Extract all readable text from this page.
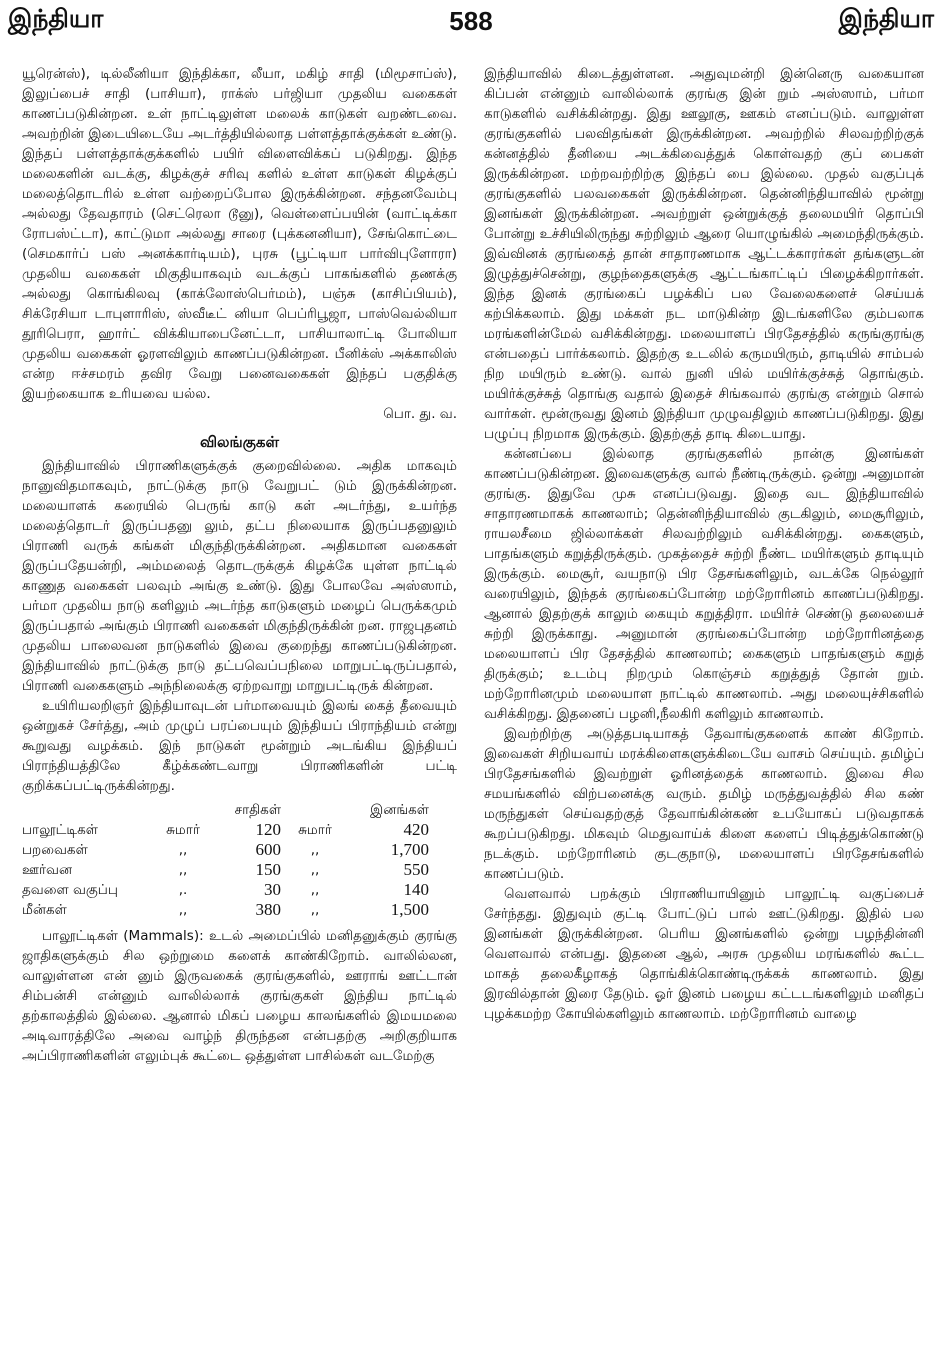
இந்தியா	588	இந்தியா

யூரென்ஸ்), டில்லீனியா இந்திக்கா, லீயா, மகிழ் சாதி (மிமூசாப்ஸ்), இலுப்பைச் சாதி (பாசியா), ராக்ஸ் பர்ஜியா முதலிய வகைகள் காணப்படுகின்றன. உள் நாட்டிலுள்ள மலைக் காடுகள் வறண்டவை. அவற்றின் இடையிடையே அடர்த்தியில்லாத பள்ளத்தாக்குக்கள் உண்டு. இந்தப் பள்ளத்தாக்குக்களில் பயிர் விளைவிக்கப் படுகிறது. இந்த மலைகளின் வடக்கு, கிழக்குச் சரிவு களில் உள்ள காடுகள் கிழக்குப் மலைத்தொடரில் உள்ள வற்றைப்போல இருக்கின்றன. சந்தனவேம்பு அல்லது தேவதாரம் (செட்ரெலா டூனு), வெள்ளைப்பயின் (வாட்டிக்கா ரோபஸ்ட்டா), காட்டுமா அல்லது சாரை (புக்கனனியா), சேங்கொட்டை (செமகார்ப் பஸ் அனக்கார்டியம்), புரசு (பூட்டியா பார்விபுளோரா) முதலிய வகைகள் மிகுதியாகவும் வடக்குப் பாகங்களில் தணக்கு அல்லது கொங்கிலவு (காக்லோஸ்பெர்மம்), பஞ்சு (காசிப்பியம்), சிக்ரேசியா டாபுளாரிஸ், ஸ்வீடீட் னியா பெப்ரிபூஜா, பாஸ்வெல்லியா தூரிபெரா, ஹார்ட் விக்கியாபைனேட்டா, பாசியாலாட்டி போலியா முதலிய வகைகள் ஓரளவிலும் காணப்படுகின்றன. பீனிக்ஸ் அக்காலிஸ் என்ற ஈச்சமரம் தவிர வேறு பனைவகைகள் இந்தப் பகுதிக்கு இயற்கையாக உரியவை யல்ல.

பொ. து. வ.

விலங்குகள்

இந்தியாவில் பிராணிகளுக்குக் குறைவில்லை. அதிக மாகவும் நானுவிதமாகவும், நாட்டுக்கு நாடு வேறுபட் டும் இருக்கின்றன. மலையாளக் கரையில் பெருங் காடு கள் அடர்ந்து, உயர்ந்த மலைத்தொடர் இருப்பதனு லும், தட்ப நிலையாக இருப்பதனுலும் பிராணி வருக் கங்கள் மிகுந்திருக்கின்றன. அதிகமான வகைகள் இருப்பதேயன்றி, அம்மலைத் தொடருக்குக் கிழக்கே யுள்ள நாட்டில் காணுத வகைகள் பலவும் அங்கு உண்டு. இது போலவே அஸ்ஸாம், பர்மா முதலிய நாடு களிலும் அடர்ந்த காடுகளும் மழைப் பெருக்கமும் இருப்பதால் அங்கும் பிராணி வகைகள் மிகுந்திருக்கின் றன. ராஜபுதனம் முதலிய பாலைவன நாடுகளில் இவை குறைந்து காணப்படுகின்றன. இந்தியாவில் நாட்டுக்கு நாடு தட்பவெப்பநிலை மாறுபட்டிருப்பதால், பிராணி வகைகளும் அந்நிலைக்கு ஏற்றவாறு மாறுபட்டிருக் கின்றன.

உயிரியலறிஞர் இந்தியாவுடன் பர்மாவையும் இலங் கைத் தீவையும் ஒன்றுகச் சேர்த்து, அம் முழுப் பரப்பையும் இந்தியப் பிராந்தியம் என்று கூறுவது வழக்கம். இந் நாடுகள் மூன்றும் அடங்கிய இந்தியப் பிராந்தியத்திலே கீழ்க்கண்டவாறு பிராணிகளின் பட்டி குறிக்கப்பட்டிருக்கின்றது.

சாதிகள்	இனங்கள்
பாலூட்டிகள்	சுமார்	120	சுமார்	420
பறவைகள்	,,	600	,,	1,700
ஊர்வன	,,	150	,,	550
தவளை வகுப்பு	,.	30	,,	140
மீன்கள்	,,	380	,,	1,500

பாலூட்டிகள் (Mammals): உடல் அமைப்பில் மனிதனுக்கும் குரங்கு ஜாதிகளுக்கும் சில ஒற்றுமை களைக் காண்கிறோம். வாலில்லன, வாலுள்ளன என் னும் இருவகைக் குரங்குகளில், ஊராங் ஊட்டான் சிம்பன்சி என்னும் வாலில்லாக் குரங்குகள் இந்திய நாட்டில் தற்காலத்தில் இல்லை. ஆனால் மிகப் பழைய காலங்களில் இமயமலை அடிவாரத்திலே அவை வாழ்ந் திருந்தன என்பதற்கு அறிகுறியாக அப்பிராணிகளின் எலும்புக் கூட்டை ஒத்துள்ள பாசில்கள் வடமேற்கு

இந்தியாவில் கிடைத்துள்ளன. அதுவுமன்றி இன்னெரு வகையான கிப்பன் என்னும் வாலில்லாக் குரங்கு இன் றும் அஸ்ஸாம், பர்மா காடுகளில் வசிக்கின்றது. இது ஊலூகு, ஊகம் எனப்படும். வாலுள்ள குரங்குகளில் பலவிதங்கள் இருக்கின்றன. அவற்றில் சிலவற்றிற்குக் கன்னத்தில் தீனியை அடக்கிவைத்துக் கொள்வதற் குப் பைகள் இருக்கின்றன. மற்றவற்றிற்கு இந்தப் பை இல்லை. முதல் வகுப்புக் குரங்குகளில் பலவகைகள் இருக்கின்றன. தென்னிந்தியாவில் மூன்று இனங்கள் இருக்கின்றன. அவற்றுள் ஒன்றுக்குத் தலைமயிர் தொப்பி போன்று உச்சியிலிருந்து சுற்றிலும் ஆரை யொழுங்கில் அமைந்திருக்கும். இவ்வினக் குரங்கைத் தான் சாதாரணமாக ஆட்டக்காரர்கள் தங்களுடன் இழுத்துச்சென்று, குழந்தைகளுக்கு ஆட்டங்காட்டிப் பிழைக்கிறார்கள். இந்த இனக் குரங்கைப் பழக்கிப் பல வேலைகளைச் செய்யக் கற்பிக்கலாம். இது மக்கள் நட மாடுகின்ற இடங்களிலே கும்பலாக மரங்களின்மேல் வசிக்கின்றது. மலையாளப் பிரதேசத்தில் கருங்குரங்கு என்பதைப் பார்க்கலாம். இதற்கு உடலில் கருமயிரும், தாடியில் சாம்பல் நிற மயிரும் உண்டு. வால் நுனி யில் மயிர்க்குச்சுத் தொங்கும். மயிர்க்குச்சுத் தொங்கு வதால் இதைச் சிங்கவால் குரங்கு என்றும் சொல் வார்கள். மூன்ருவது இனம் இந்தியா முழுவதிலும் காணப்படுகிறது. இது பழுப்பு நிறமாக இருக்கும். இதற்குத் தாடி கிடையாது.

கன்னப்பை இல்லாத குரங்குகளில் நான்கு இனங்கள் காணப்படுகின்றன. இவைகளுக்கு வால் நீண்டிருக்கும். ஒன்று அனுமான் குரங்கு. இதுவே முசு எனப்படுவது. இதை வட இந்தியாவில் சாதாரணமாகக் காணலாம்; தென்னிந்தியாவில் குடகிலும், மைசூரிலும், ராயலசீமை ஜில்லாக்கள் சிலவற்றிலும் வசிக்கின்றது. கைகளும், பாதங்களும் கறுத்திருக்கும். முகத்தைச் சுற்றி நீண்ட மயிர்களும் தாடியும் இருக்கும். மைசூர், வயநாடு பிர தேசங்களிலும், வடக்கே நெல்லூர் வரையிலும், இந்தக் குரங்கைப்போன்ற மற்றோரினம் காணப்படுகிறது. ஆனால் இதற்குக் காலும் கையும் கறுத்திரா. மயிர்ச் செண்டு தலையைச் சுற்றி இருக்காது. அனுமான் குரங்கைப்போன்ற மற்றோரினத்தை மலையாளப் பிர தேசத்தில் காணலாம்; கைகளும் பாதங்களும் கறுத் திருக்கும்; உடம்பு நிறமும் கொஞ்சம் கறுத்துத் தோன் றும். மற்றோரினமும் மலையாள நாட்டில் காணலாம். அது மலையுச்சிகளில் வசிக்கிறது. இதனைப் பழனி,நீலகிரி களிலும் காணலாம்.

இவற்றிற்கு அடுத்தபடியாகத் தேவாங்குகளைக் காண் கிறோம். இவைகள் சிறியவாய் மரக்கிளைகளுக்கிடையே வாசம் செய்யும். தமிழ்ப் பிரதேசங்களில் இவற்றுள் ஓரினத்தைக் காணலாம். இவை சில சமயங்களில் விற்பனைக்கு வரும். தமிழ் மருத்துவத்தில் சில கண் மருந்துகள் செய்வதற்குத் தேவாங்கின்கண் உபயோகப் படுவதாகக் கூறப்படுகிறது. மிகவும் மெதுவாய்க் கிளை களைப் பிடித்துக்கொண்டு நடக்கும். மற்றோரினம் குடகுநாடு, மலையாளப் பிரதேசங்களில் காணப்படும்.

வௌவால் பறக்கும் பிராணியாயினும் பாலூட்டி வகுப்பைச் சேர்ந்தது. இதுவும் குட்டி போட்டுப் பால் ஊட்டுகிறது. இதில் பல இனங்கள் இருக்கின்றன. பெரிய இனங்களில் ஒன்று பழந்தின்னி வௌவால் என்பது. இதனை ஆல், அரசு முதலிய மரங்களில் கூட்ட மாகத் தலைகீழாகத் தொங்கிக்கொண்டிருக்கக் காணலாம். இது இரவில்தான் இரை தேடும். ஓர் இனம் பழைய கட்டடங்களிலும் மனிதப் புழக்கமற்ற கோயில்களிலும் காணலாம். மற்றோரினம் வாழை
